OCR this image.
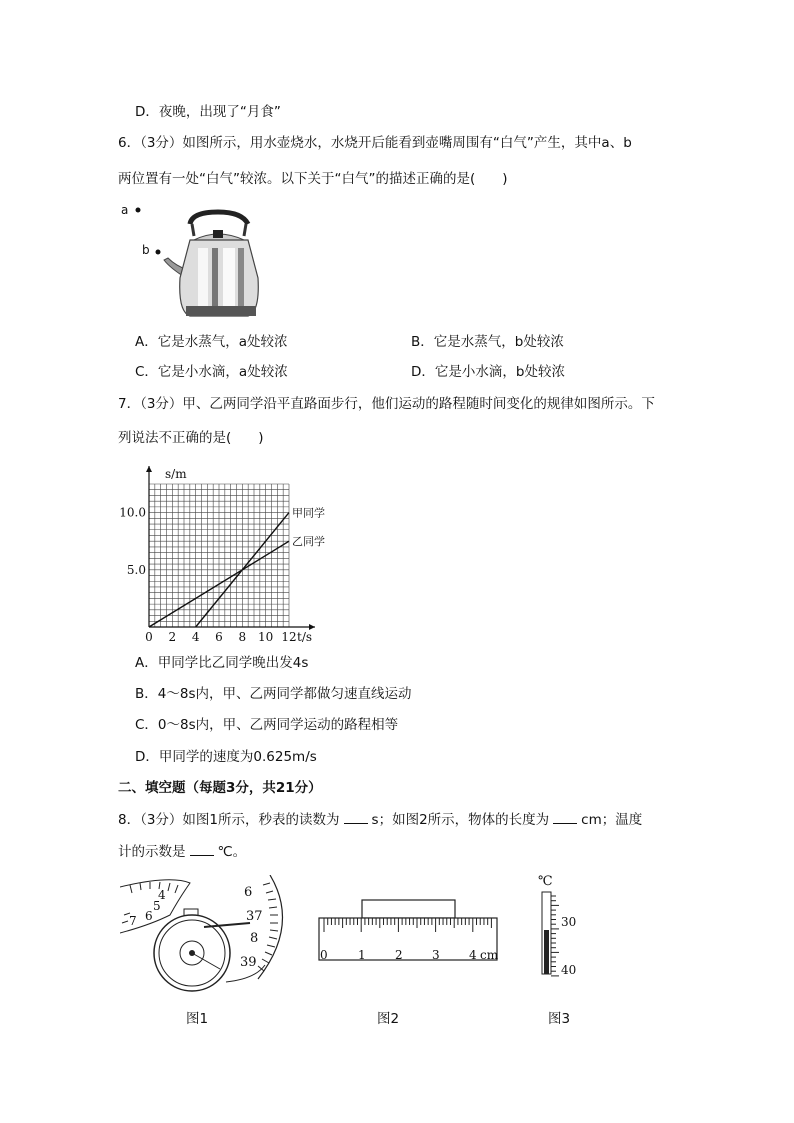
D．夜晚，出现了“月食”
6．（3分）如图所示，用水壶烧水，水烧开后能看到壶嘴周围有“白气”产生，其中a、b
两位置有一处“白气”较浓。以下关于“白气”的描述正确的是(　　)
a
b
A．它是水蒸气，a处较浓	B．它是水蒸气，b处较浓
C．它是小水滴，a处较浓	D．它是小水滴，b处较浓
7．（3分）甲、乙两同学沿平直路面步行，他们运动的路程随时间变化的规律如图所示。下
列说法不正确的是(　　)
0 2 4 6 8 10 12
5.0
10.0
t/s
s/m
甲同学
乙同学
A．甲同学比乙同学晚出发4s
B．4～8s内，甲、乙两同学都做匀速直线运动
C．0～8s内，甲、乙两同学运动的路程相等
D．甲同学的速度为0.625m/s
二、填空题（每题3分，共21分）
8．（3分）如图1所示，秒表的读数为 s；如图2所示，物体的长度为 cm；温度
计的示数是 ℃。
4
5
6
7
6
37
8
39	0	1 2 3 4 cm
℃
30
40
图1	图2	图3
